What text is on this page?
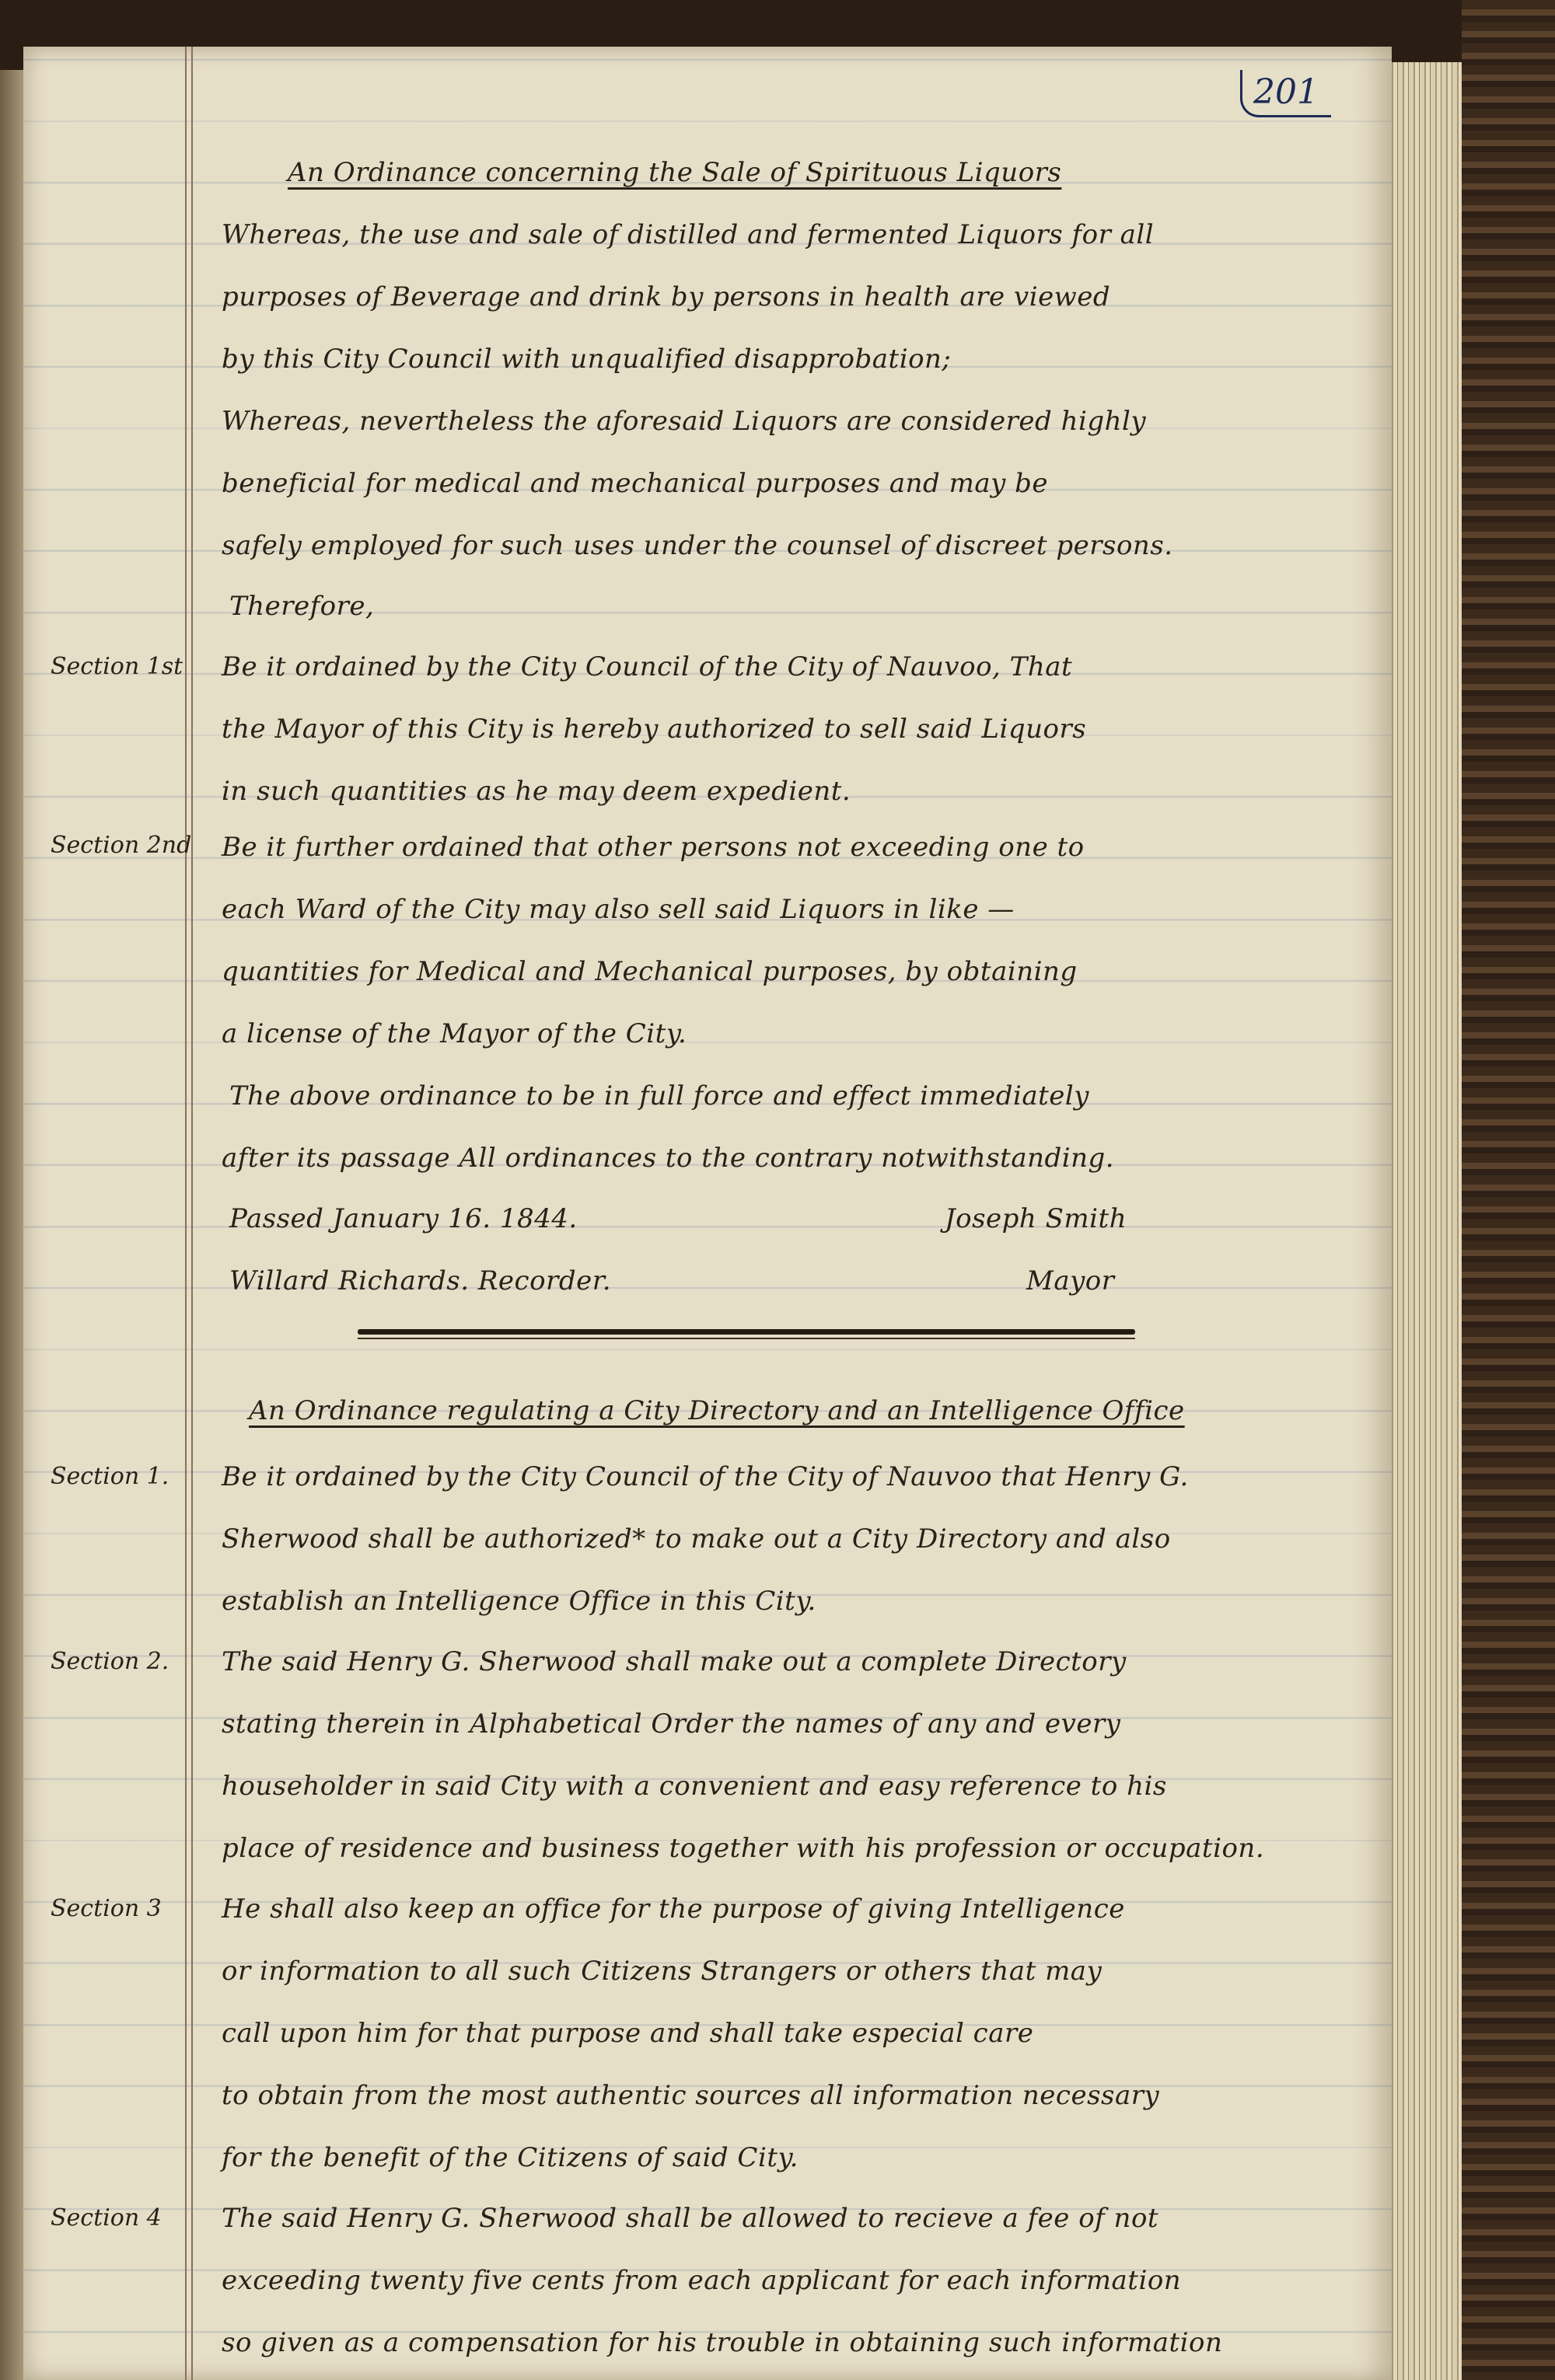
201
An Ordinance concerning the Sale of Spirituous Liquors
Whereas, the use and sale of distilled and fermented Liquors for all
purposes of Beverage and drink by persons in health are viewed
by this City Council with unqualified disapprobation;
Whereas, nevertheless the aforesaid Liquors are considered highly
beneficial for medical and mechanical purposes and may be
safely employed for such uses under the counsel of discreet persons.
Therefore,
Section 1st Be it ordained by the City Council of the City of Nauvoo, That
the Mayor of this City is hereby authorized to sell said Liquors
in such quantities as he may deem expedient.
Section 2nd Be it further ordained that other persons not exceeding one to
each Ward of the City may also sell said Liquors in like —
quantities for Medical and Mechanical purposes, by obtaining
a license of the Mayor of the City.
The above ordinance to be in full force and effect immediately
after its passage All ordinances to the contrary notwithstanding.
Passed January 16. 1844.	Joseph Smith
Willard Richards. Recorder.	Mayor
An Ordinance regulating a City Directory and an Intelligence Office
Section 1. Be it ordained by the City Council of the City of Nauvoo that Henry G.
Sherwood shall be authorized* to make out a City Directory and also
establish an Intelligence Office in this City.
Section 2. The said Henry G. Sherwood shall make out a complete Directory
stating therein in Alphabetical Order the names of any and every
householder in said City with a convenient and easy reference to his
place of residence and business together with his profession or occupation.
Section 3 He shall also keep an office for the purpose of giving Intelligence
or information to all such Citizens Strangers or others that may
call upon him for that purpose and shall take especial care
to obtain from the most authentic sources all information necessary
for the benefit of the Citizens of said City.
Section 4 The said Henry G. Sherwood shall be allowed to recieve a fee of not
exceeding twenty five cents from each applicant for each information
so given as a compensation for his trouble in obtaining such information
